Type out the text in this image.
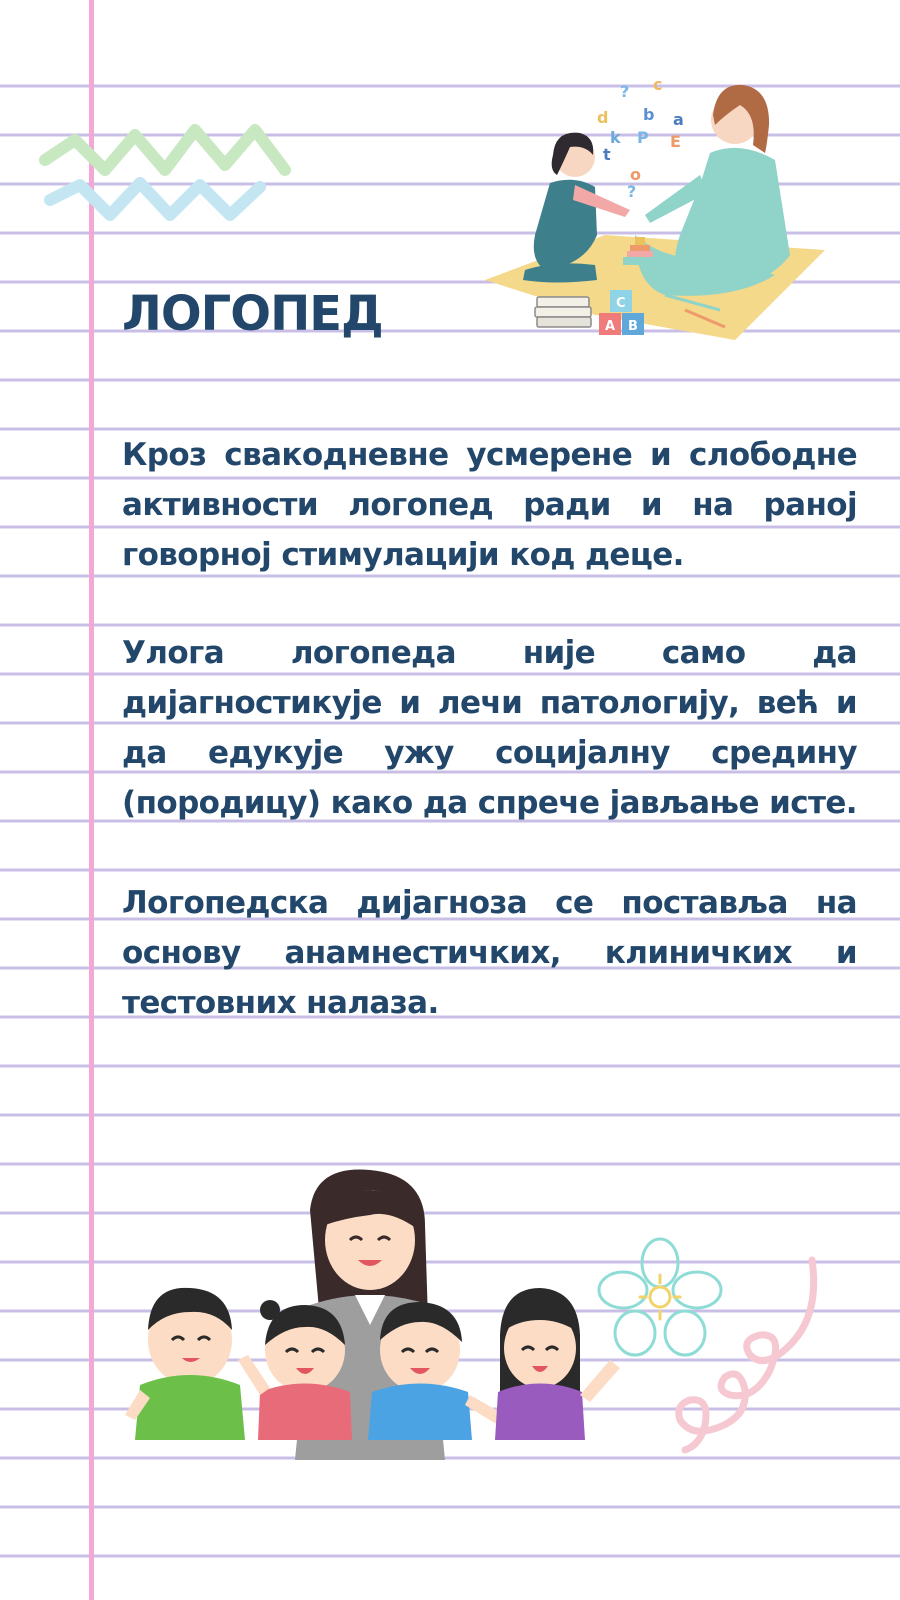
? c
d b a
k P E
t
o
?
C
A B
ЛОГОПЕД

Кроз свакодневне усмерене и слободне активности логопед ради и на раној говорној стимулацији код деце.

Улога логопеда није само да дијагностикује и лечи патологију, већ и да едукује ужу социјалну средину (породицу) како да спрече јављање исте.

Логопедска дијагноза се поставља на основу анамнестичких, клиничких и тестовних налаза.
